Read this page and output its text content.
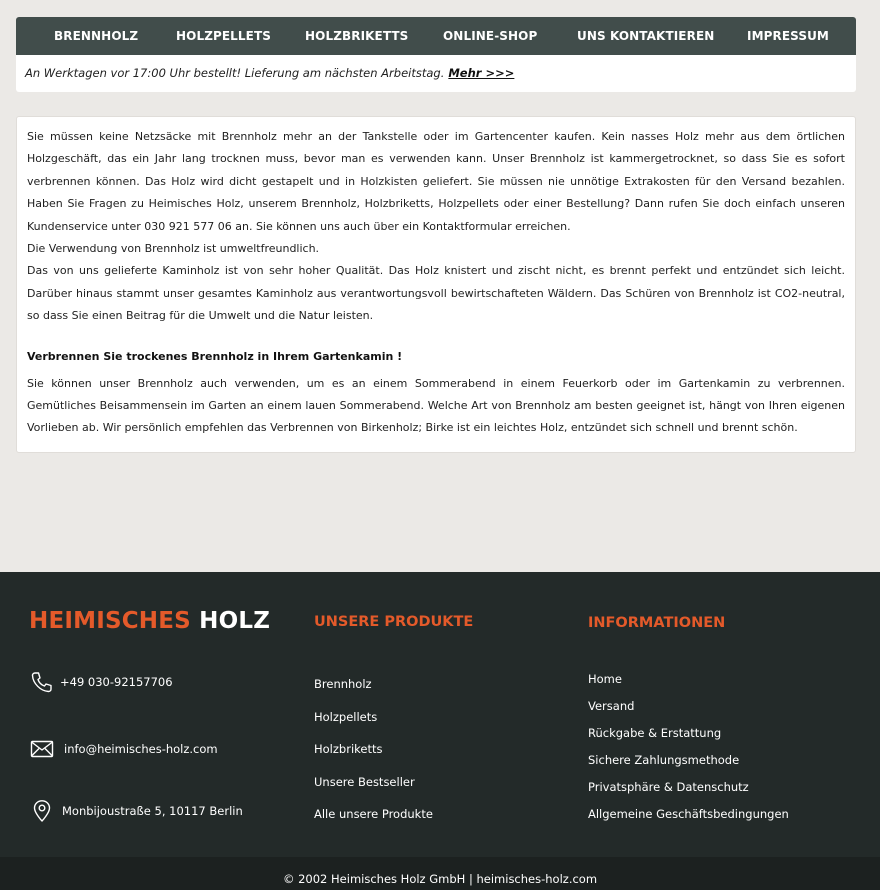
BRENNHOLZ	HOLZPELLETS	HOLZBRIKETTS	ONLINE-SHOP	UNS KONTAKTIEREN	IMPRESSUM
An Werktagen vor 17:00 Uhr bestellt! Lieferung am nächsten Arbeitstag. Mehr >>>

Sie müssen keine Netzsäcke mit Brennholz mehr an der Tankstelle oder im Gartencenter kaufen. Kein nasses Holz mehr aus dem örtlichen Holzgeschäft, das ein Jahr lang trocknen muss, bevor man es verwenden kann. Unser Brennholz ist kammergetrocknet, so dass Sie es sofort verbrennen können. Das Holz wird dicht gestapelt und in Holzkisten geliefert. Sie müssen nie unnötige Extrakosten für den Versand bezahlen. Haben Sie Fragen zu Heimisches Holz, unserem Brennholz, Holzbriketts, Holzpellets oder einer Bestellung? Dann rufen Sie doch einfach unseren Kundenservice unter 030 921 577 06 an. Sie können uns auch über ein Kontaktformular erreichen.

Die Verwendung von Brennholz ist umweltfreundlich.

Das von uns gelieferte Kaminholz ist von sehr hoher Qualität. Das Holz knistert und zischt nicht, es brennt perfekt und entzündet sich leicht. Darüber hinaus stammt unser gesamtes Kaminholz aus verantwortungsvoll bewirtschafteten Wäldern. Das Schüren von Brennholz ist CO2-neutral, so dass Sie einen Beitrag für die Umwelt und die Natur leisten.

Verbrennen Sie trockenes Brennholz in Ihrem Gartenkamin !

Sie können unser Brennholz auch verwenden, um es an einem Sommerabend in einem Feuerkorb oder im Gartenkamin zu verbrennen. Gemütliches Beisammensein im Garten an einem lauen Sommerabend. Welche Art von Brennholz am besten geeignet ist, hängt von Ihren eigenen Vorlieben ab. Wir persönlich empfehlen das Verbrennen von Birkenholz; Birke ist ein leichtes Holz, entzündet sich schnell und brennt schön.

HEIMISCHES HOLZ
+49 030-92157706
info@heimisches-holz.com
Monbijoustraße 5, 10117 Berlin
UNSERE PRODUKTE
Brennholz
Holzpellets
Holzbriketts
Unsere Bestseller
Alle unsere Produkte
INFORMATIONEN
Home
Versand
Rückgabe & Erstattung
Sichere Zahlungsmethode
Privatsphäre & Datenschutz
Allgemeine Geschäftsbedingungen
© 2002 Heimisches Holz GmbH | heimisches-holz.com
